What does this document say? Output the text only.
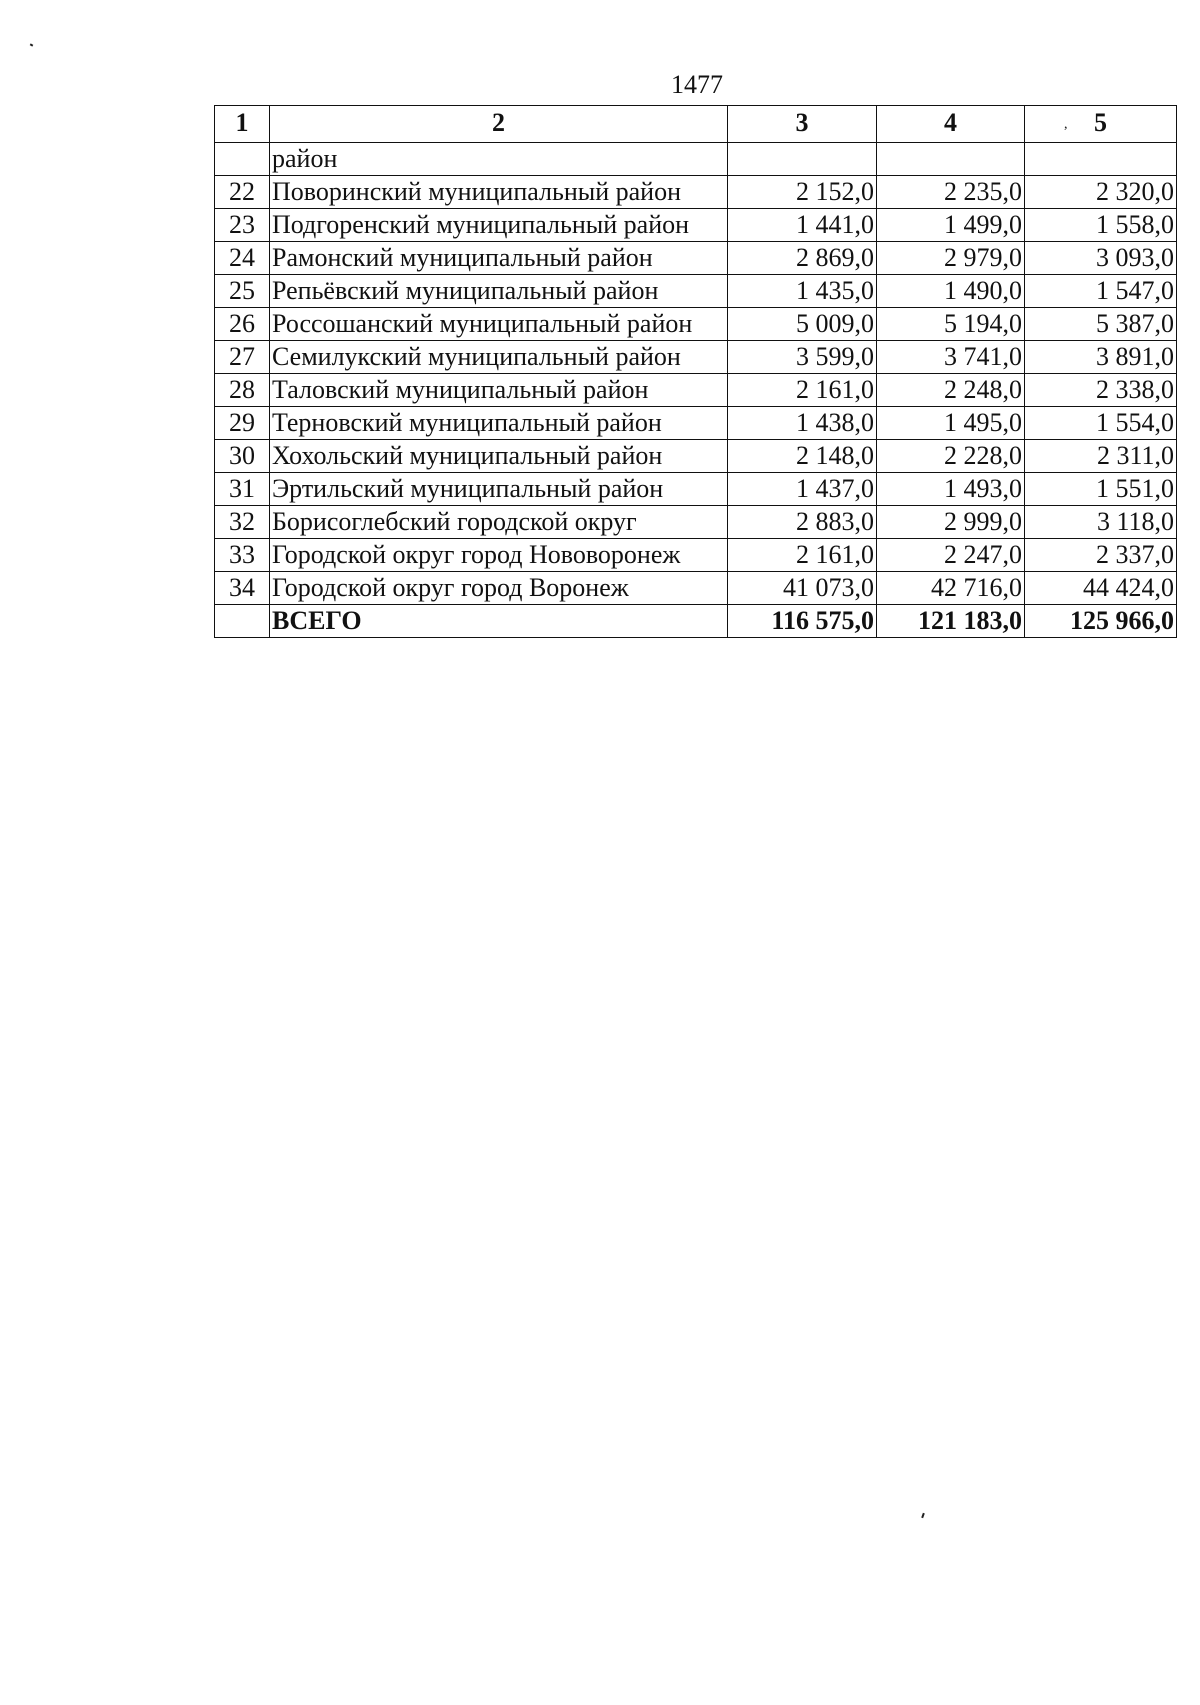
1477
1	2	3	4	, 5
	район			
22	Поворинский муниципальный район	2 152,0	2 235,0	2 320,0
23	Подгоренский муниципальный район	1 441,0	1 499,0	1 558,0
24	Рамонский муниципальный район	2 869,0	2 979,0	3 093,0
25	Репьёвский муниципальный район	1 435,0	1 490,0	1 547,0
26	Россошанский муниципальный район	5 009,0	5 194,0	5 387,0
27	Семилукский муниципальный район	3 599,0	3 741,0	3 891,0
28	Таловский муниципальный район	2 161,0	2 248,0	2 338,0
29	Терновский муниципальный район	1 438,0	1 495,0	1 554,0
30	Хохольский муниципальный район	2 148,0	2 228,0	2 311,0
31	Эртильский муниципальный район	1 437,0	1 493,0	1 551,0
32	Борисоглебский городской округ	2 883,0	2 999,0	3 118,0
33	Городской округ город Нововоронеж	2 161,0	2 247,0	2 337,0
34	Городской округ город Воронеж	41 073,0	42 716,0	44 424,0
	ВСЕГО	116 575,0	121 183,0	125 966,0
